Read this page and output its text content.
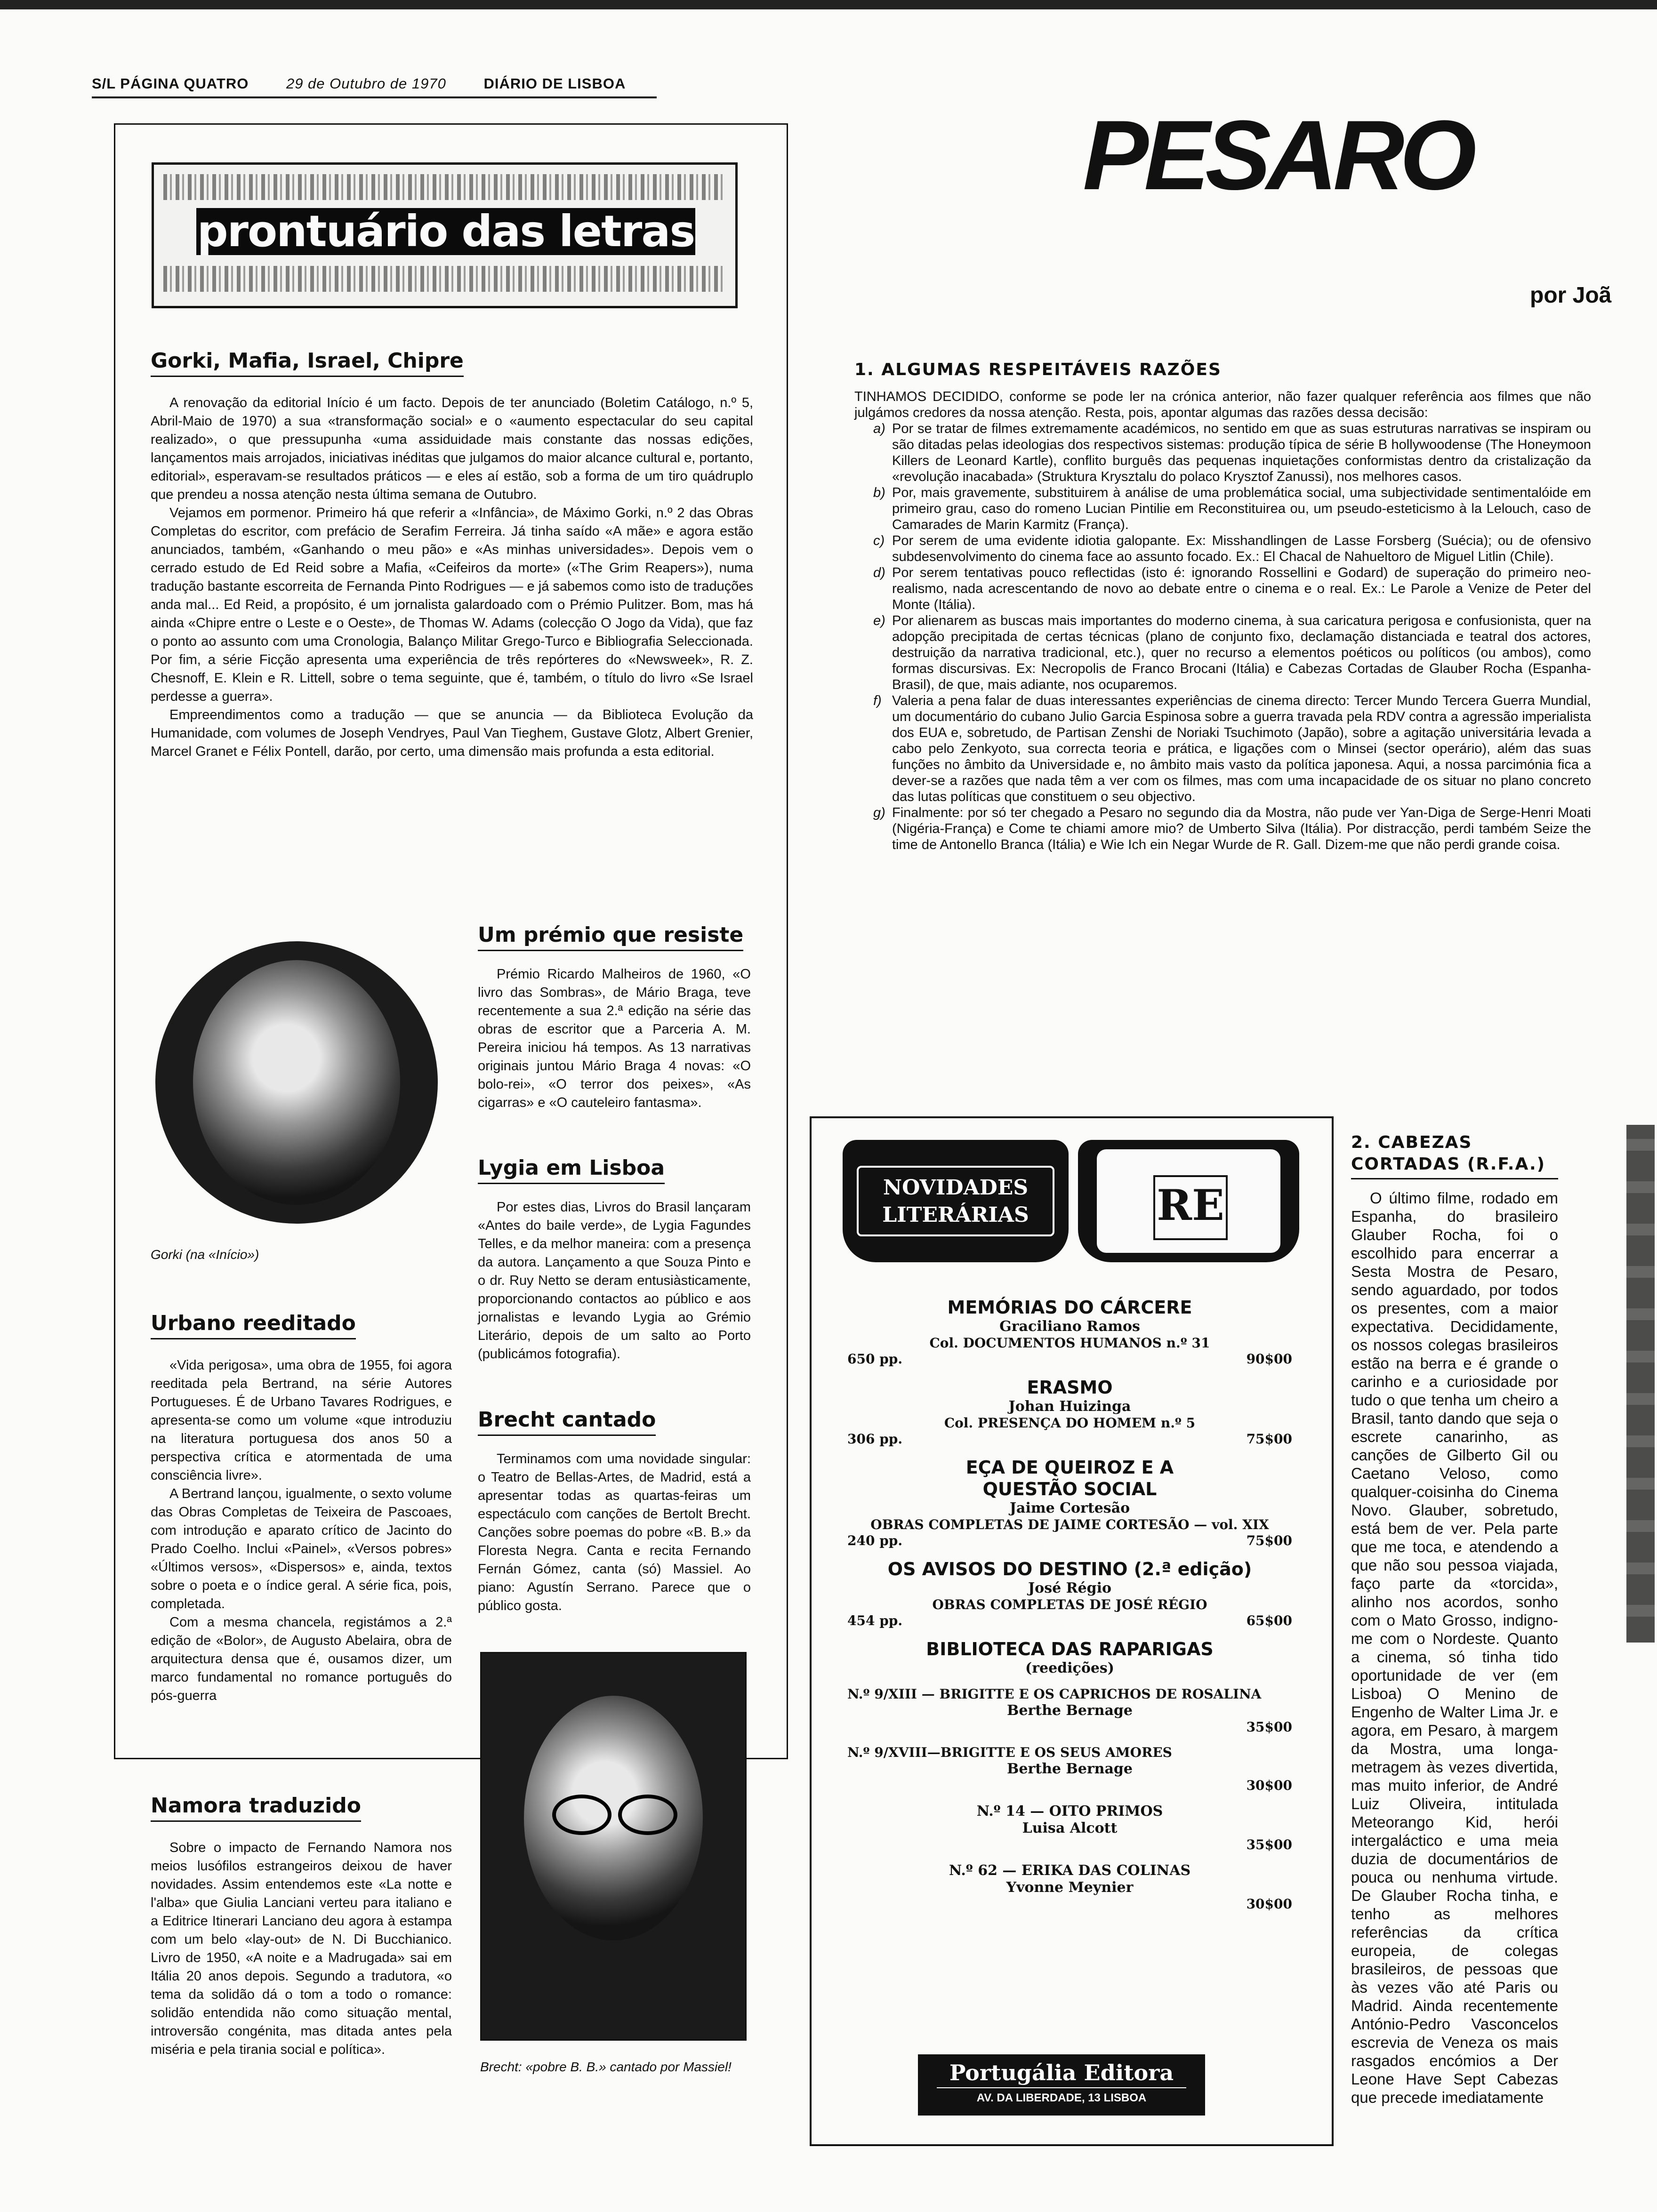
S/L PÁGINA QUATRO	29 de Outubro de 1970	DIÁRIO DE LISBOA
prontuário das letras
Gorki, Mafia, Israel, Chipre

A renovação da editorial Início é um facto. Depois de ter anunciado (Boletim Catálogo, n.º 5, Abril-Maio de 1970) a sua «transformação social» e o «aumento espectacular do seu capital realizado», o que pressupunha «uma assiduidade mais constante das nossas edições, lançamentos mais arrojados, iniciativas inéditas que julgamos do maior alcance cultural e, portanto, editorial», esperavam-se resultados práticos — e eles aí estão, sob a forma de um tiro quádruplo que prendeu a nossa atenção nesta última semana de Outubro.

Vejamos em pormenor. Primeiro há que referir a «Infância», de Máximo Gorki, n.º 2 das Obras Completas do escritor, com prefácio de Serafim Ferreira. Já tinha saído «A mãe» e agora estão anunciados, também, «Ganhando o meu pão» e «As minhas universidades». Depois vem o cerrado estudo de Ed Reid sobre a Mafia, «Ceifeiros da morte» («The Grim Reapers»), numa tradução bastante escorreita de Fernanda Pinto Rodrigues — e já sabemos como isto de traduções anda mal... Ed Reid, a propósito, é um jornalista galardoado com o Prémio Pulitzer. Bom, mas há ainda «Chipre entre o Leste e o Oeste», de Thomas W. Adams (colecção O Jogo da Vida), que faz o ponto ao assunto com uma Cronologia, Balanço Militar Grego-Turco e Bibliografia Seleccionada. Por fim, a série Ficção apresenta uma experiência de três repórteres do «Newsweek», R. Z. Chesnoff, E. Klein e R. Littell, sobre o tema seguinte, que é, também, o título do livro «Se Israel perdesse a guerra».

Empreendimentos como a tradução — que se anuncia — da Biblioteca Evolução da Humanidade, com volumes de Joseph Vendryes, Paul Van Tieghem, Gustave Glotz, Albert Grenier, Marcel Granet e Félix Pontell, darão, por certo, uma dimensão mais profunda a esta editorial.

Gorki (na «Início»)
Urbano reeditado

«Vida perigosa», uma obra de 1955, foi agora reeditada pela Bertrand, na série Autores Portugueses. É de Urbano Tavares Rodrigues, e apresenta-se como um volume «que introduziu na literatura portuguesa dos anos 50 a perspectiva crítica e atormentada de uma consciência livre».

A Bertrand lançou, igualmente, o sexto volume das Obras Completas de Teixeira de Pascoaes, com introdução e aparato crítico de Jacinto do Prado Coelho. Inclui «Painel», «Versos pobres» «Últimos versos», «Dispersos» e, ainda, textos sobre o poeta e o índice geral. A série fica, pois, completada.

Com a mesma chancela, registámos a 2.ª edição de «Bolor», de Augusto Abelaira, obra de arquitectura densa que é, ousamos dizer, um marco fundamental no romance português do pós-guerra

Namora traduzido

Sobre o impacto de Fernando Namora nos meios lusófilos estrangeiros deixou de haver novidades. Assim entendemos este «La notte e l'alba» que Giulia Lanciani verteu para italiano e a Editrice Itinerari Lanciano deu agora à estampa com um belo «lay-out» de N. Di Bucchianico. Livro de 1950, «A noite e a Madrugada» sai em Itália 20 anos depois. Segundo a tradutora, «o tema da solidão dá o tom a todo o romance: solidão entendida não como situação mental, introversão congénita, mas ditada antes pela miséria e pela tirania social e política».

Um prémio que resiste

Prémio Ricardo Malheiros de 1960, «O livro das Sombras», de Mário Braga, teve recentemente a sua 2.ª edição na série das obras de escritor que a Parceria A. M. Pereira iniciou há tempos. As 13 narrativas originais juntou Mário Braga 4 novas: «O bolo-rei», «O terror dos peixes», «As cigarras» e «O cauteleiro fantasma».

Lygia em Lisboa

Por estes dias, Livros do Brasil lançaram «Antes do baile verde», de Lygia Fagundes Telles, e da melhor maneira: com a presença da autora. Lançamento a que Souza Pinto e o dr. Ruy Netto se deram entusiàsticamente, proporcionando contactos ao público e aos jornalistas e levando Lygia ao Grémio Literário, depois de um salto ao Porto (publicámos fotografia).

Brecht cantado

Terminamos com uma novidade singular: o Teatro de Bellas-Artes, de Madrid, está a apresentar todas as quartas-feiras um espectáculo com canções de Bertolt Brecht. Canções sobre poemas do pobre «B. B.» da Floresta Negra. Canta e recita Fernando Fernán Gómez, canta (só) Massiel. Ao piano: Agustín Serrano. Parece que o público gosta.

Brecht: «pobre B. B.» cantado por Massiel!
PESARO
por Joã
1. ALGUMAS RESPEITÁVEIS RAZÕES
TINHAMOS DECIDIDO, conforme se pode ler na crónica anterior, não fazer qualquer referência aos filmes que não julgámos credores da nossa atenção. Resta, pois, apontar algumas das razões dessa decisão:
a) Por se tratar de filmes extremamente académicos, no sentido em que as suas estruturas narrativas se inspiram ou são ditadas pelas ideologias dos respectivos sistemas: produção típica de série B hollywoodense (The Honeymoon Killers de Leonard Kartle), conflito burguês das pequenas inquietações conformistas dentro da cristalização da «revolução inacabada» (Struktura Krysztalu do polaco Krysztof Zanussi), nos melhores casos.
b) Por, mais gravemente, substituirem à análise de uma problemática social, uma subjectividade sentimentalóide em primeiro grau, caso do romeno Lucian Pintilie em Reconstituirea ou, um pseudo-esteticismo à la Lelouch, caso de Camarades de Marin Karmitz (França).
c) Por serem de uma evidente idiotia galopante. Ex: Misshandlingen de Lasse Forsberg (Suécia); ou de ofensivo subdesenvolvimento do cinema face ao assunto focado. Ex.: El Chacal de Nahueltoro de Miguel Litlin (Chile).
d) Por serem tentativas pouco reflectidas (isto é: ignorando Rossellini e Godard) de superação do primeiro neo-realismo, nada acrescentando de novo ao debate entre o cinema e o real. Ex.: Le Parole a Venize de Peter del Monte (Itália).
e) Por alienarem as buscas mais importantes do moderno cinema, à sua caricatura perigosa e confusionista, quer na adopção precipitada de certas técnicas (plano de conjunto fixo, declamação distanciada e teatral dos actores, destruição da narrativa tradicional, etc.), quer no recurso a elementos poéticos ou políticos (ou ambos), como formas discursivas. Ex: Necropolis de Franco Brocani (Itália) e Cabezas Cortadas de Glauber Rocha (Espanha-Brasil), de que, mais adiante, nos ocuparemos.
f) Valeria a pena falar de duas interessantes experiências de cinema directo: Tercer Mundo Tercera Guerra Mundial, um documentário do cubano Julio Garcia Espinosa sobre a guerra travada pela RDV contra a agressão imperialista dos EUA e, sobretudo, de Partisan Zenshi de Noriaki Tsuchimoto (Japão), sobre a agitação universitária levada a cabo pelo Zenkyoto, sua correcta teoria e prática, e ligações com o Minsei (sector operário), além das suas funções no âmbito da Universidade e, no âmbito mais vasto da política japonesa. Aqui, a nossa parcimónia fica a dever-se a razões que nada têm a ver com os filmes, mas com uma incapacidade de os situar no plano concreto das lutas políticas que constituem o seu objectivo.
g) Finalmente: por só ter chegado a Pesaro no segundo dia da Mostra, não pude ver Yan-Diga de Serge-Henri Moati (Nigéria-França) e Come te chiami amore mio? de Umberto Silva (Itália). Por distracção, perdi também Seize the time de Antonello Branca (Itália) e Wie Ich ein Negar Wurde de R. Gall. Dizem-me que não perdi grande coisa.
NOVIDADES LITERÁRIAS	RE
MEMÓRIAS DO CÁRCERE
Graciliano Ramos
Col. DOCUMENTOS HUMANOS n.º 31
650 pp.	90$00
ERASMO
Johan Huizinga
Col. PRESENÇA DO HOMEM n.º 5
306 pp.	75$00
EÇA DE QUEIROZ E A QUESTÃO SOCIAL
Jaime Cortesão
OBRAS COMPLETAS DE JAIME CORTESÃO — vol. XIX
240 pp.	75$00
OS AVISOS DO DESTINO (2.ª edição)
José Régio
OBRAS COMPLETAS DE JOSÉ RÉGIO
454 pp.	65$00
BIBLIOTECA DAS RAPARIGAS
(reedições)
N.º 9/XIII — BRIGITTE E OS CAPRICHOS DE ROSALINA
Berthe Bernage
35$00
N.º 9/XVIII—BRIGITTE E OS SEUS AMORES
Berthe Bernage
30$00
N.º 14 — OITO PRIMOS
Luisa Alcott
35$00
N.º 62 — ERIKA DAS COLINAS
Yvonne Meynier
30$00
Portugália Editora
AV. DA LIBERDADE, 13 LISBOA
2. CABEZAS CORTADAS (R.F.A.)
O último filme, rodado em Espanha, do brasileiro Glauber Rocha, foi o escolhido para encerrar a Sesta Mostra de Pesaro, sendo aguardado, por todos os presentes, com a maior expectativa. Decididamente, os nossos colegas brasileiros estão na berra e é grande o carinho e a curiosidade por tudo o que tenha um cheiro a Brasil, tanto dando que seja o escrete canarinho, as canções de Gilberto Gil ou Caetano Veloso, como qualquer-coisinha do Cinema Novo. Glauber, sobretudo, está bem de ver. Pela parte que me toca, e atendendo a que não sou pessoa viajada, faço parte da «torcida», alinho nos acordos, sonho com o Mato Grosso, indigno-me com o Nordeste. Quanto a cinema, só tinha tido oportunidade de ver (em Lisboa) O Menino de Engenho de Walter Lima Jr. e agora, em Pesaro, à margem da Mostra, uma longa-metragem às vezes divertida, mas muito inferior, de André Luiz Oliveira, intitulada Meteorango Kid, herói intergaláctico e uma meia duzia de documentários de pouca ou nenhuma virtude. De Glauber Rocha tinha, e tenho as melhores referências da crítica europeia, de colegas brasileiros, de pessoas que às vezes vão até Paris ou Madrid. Ainda recentemente António-Pedro Vasconcelos escrevia de Veneza os mais rasgados encómios a Der Leone Have Sept Cabezas que precede imediatamente
